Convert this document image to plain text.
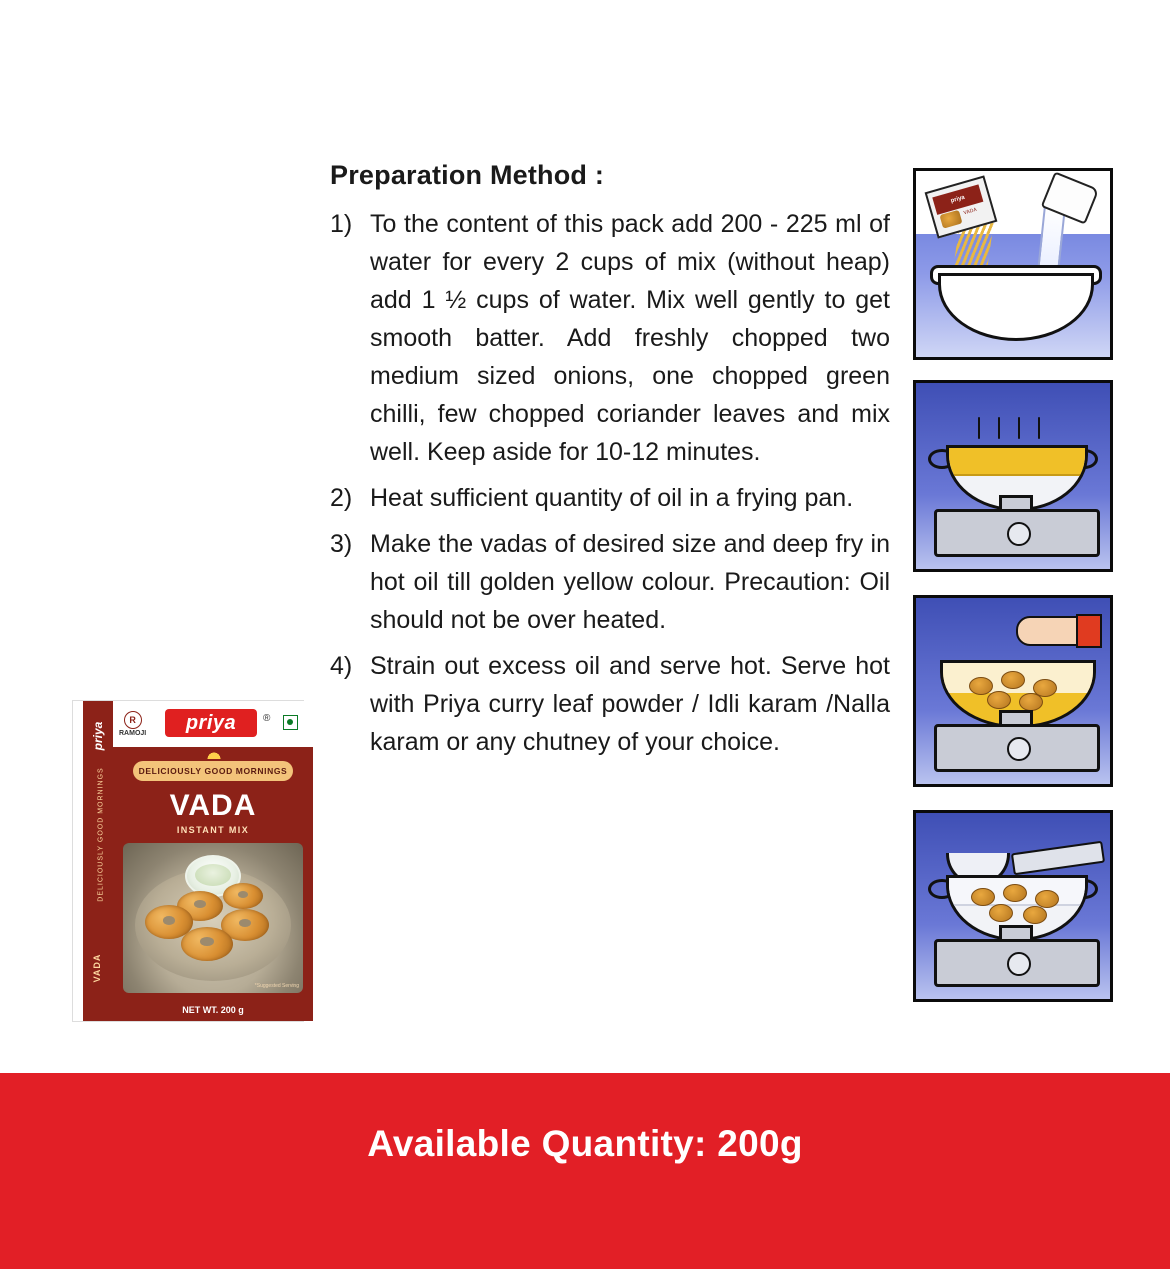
priya
DELICIOUSLY GOOD MORNINGS
VADA
R
RAMOJI	priya	®
DELICIOUSLY GOOD MORNINGS
VADA
INSTANT MIX
*Suggested Serving
NET WT. 200 g
Preparation Method :
1) To the content of this pack add 200 - 225 ml of water for every 2 cups of mix (without heap) add 1 ½ cups of water. Mix well gently to get smooth batter. Add freshly chopped two medium sized onions, one chopped green chilli, few chopped coriander leaves and mix well. Keep aside for 10-12 minutes.
2) Heat sufficient quantity of oil in a frying pan.
3) Make the vadas of desired size and deep fry in hot oil till golden yellow colour. Precaution: Oil should not be over heated.
4) Strain out excess oil and serve hot. Serve hot with Priya curry leaf powder / Idli karam /Nalla karam or any chutney of your choice.
priya
VADA
Available Quantity: 200g
